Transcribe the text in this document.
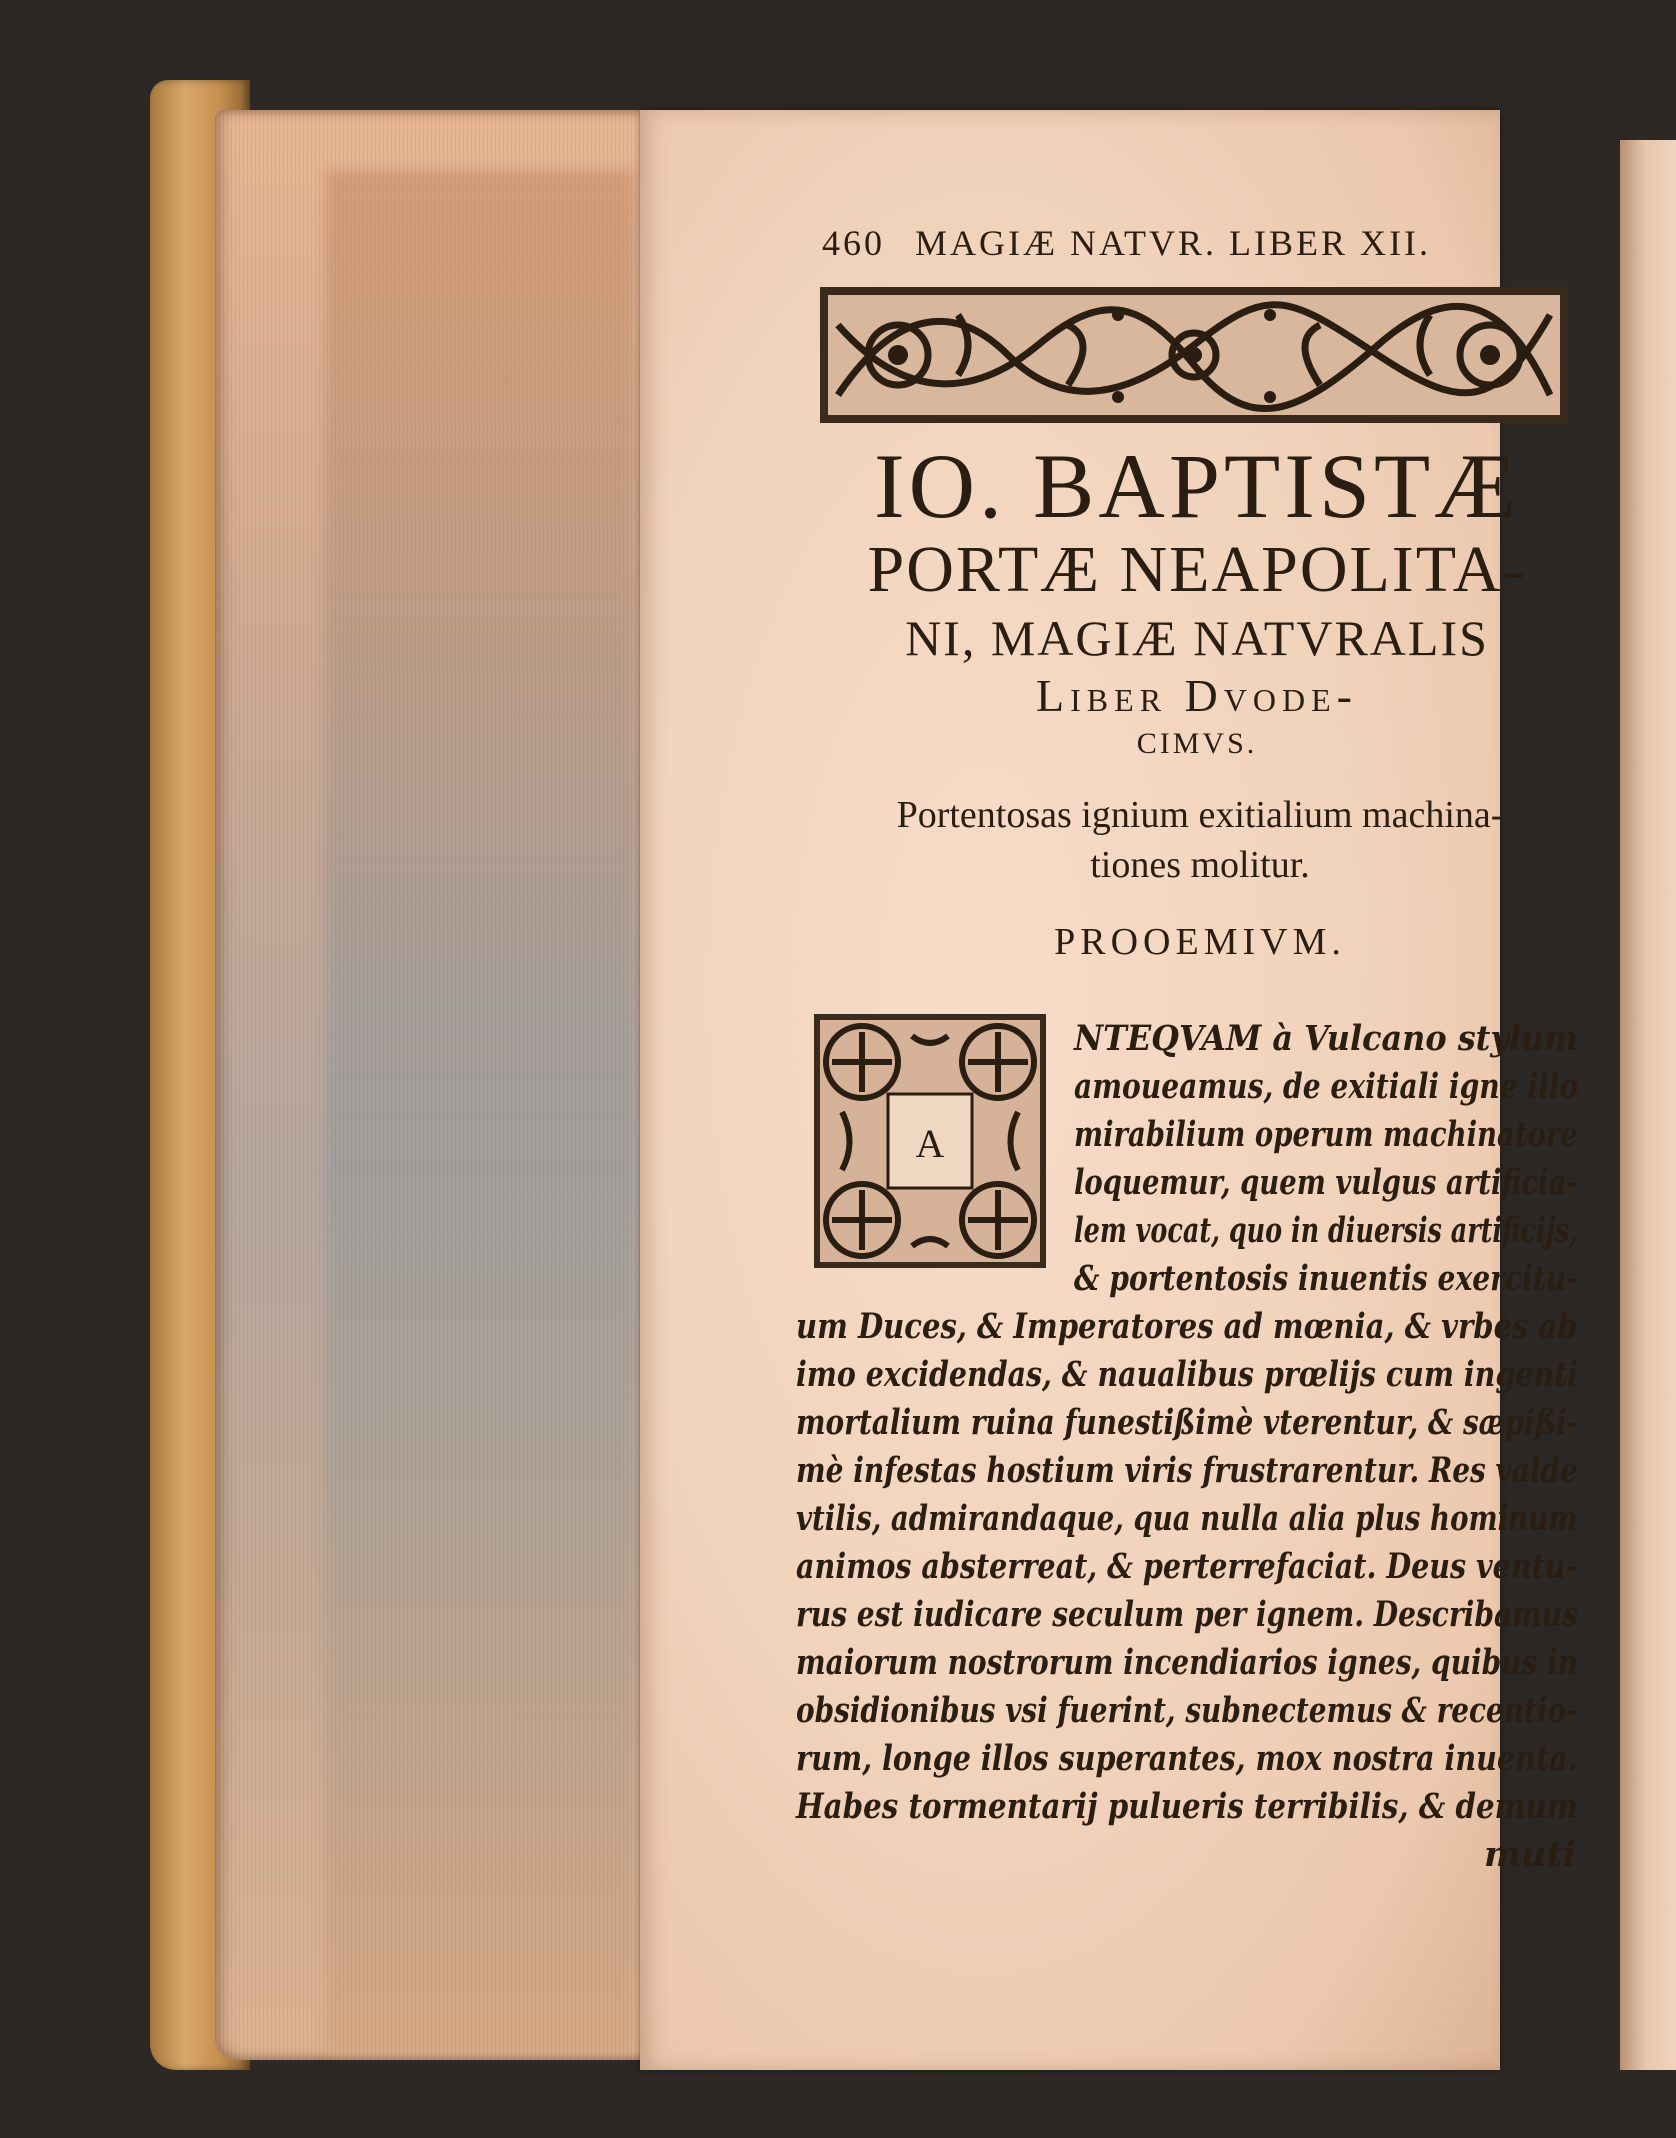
460 MAGIÆ NATVR. LIBER XII.

IO. BAPTISTÆ

PORTÆ NEAPOLITA-

NI, MAGIÆ NATVRALIS

Liber Dvode-

CIMVS.

Portentosas ignium exitialium machina-
tiones molitur.
PROOEMIVM.
A
NTEQVAM à Vulcano stylum
amoueamus, de exitiali igne illo
mirabilium operum machinatore
loquemur, quem vulgus artificia-
lem vocat, quo in diuersis artificijs,
& portentosis inuentis exercitu-
um Duces, & Imperatores ad mœnia, & vrbes ab
imo excidendas, & naualibus prœlijs cum ingenti
mortalium ruina funestißimè vterentur, & sæpißi-
mè infestas hostium viris frustrarentur. Res valde
vtilis, admirandaque, qua nulla alia plus hominum
animos absterreat, & perterrefaciat. Deus ventu-
rus est iudicare seculum per ignem. Describamus
maiorum nostrorum incendiarios ignes, quibus in
obsidionibus vsi fuerint, subnectemus & recentio-
rum, longe illos superantes, mox nostra inuenta.
Habes tormentarij pulueris terribilis, & demum
muti
